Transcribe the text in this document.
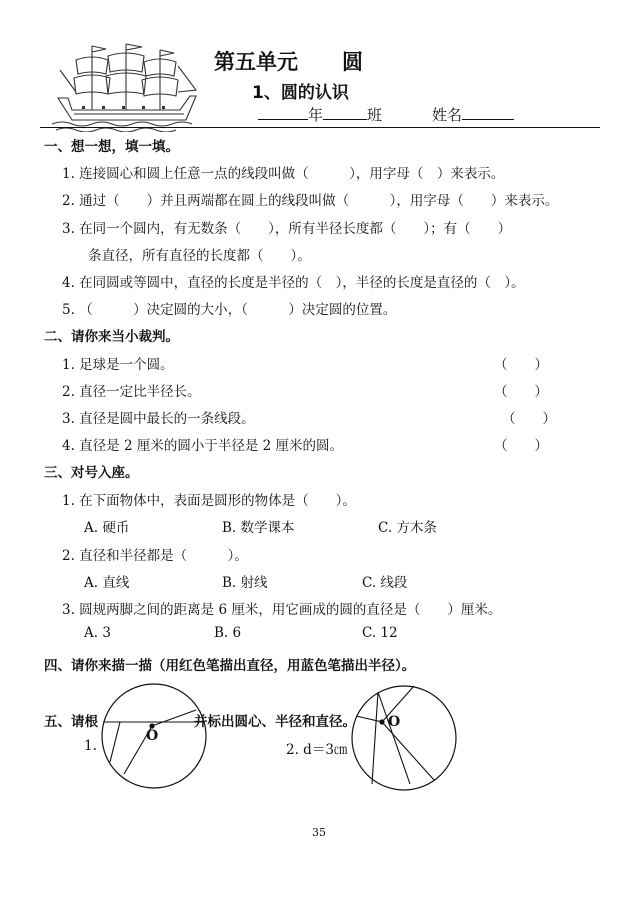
第五单元 圆
1、圆的认识
年	班	姓名
一、想一想，填一填。
1. 连接圆心和圆上任意一点的线段叫做（　　　），用字母（　）来表示。
2. 通过（　　）并且两端都在圆上的线段叫做（　　　），用字母（　　）来表示。
3. 在同一个圆内，有无数条（　　），所有半径长度都（　　）；有（　　）
条直径，所有直径的长度都（　　）。
4. 在同圆或等圆中，直径的长度是半径的（　），半径的长度是直径的（　）。
5. （　　　）决定圆的大小，（　　　）决定圆的位置。
二、请你来当小裁判。
1. 足球是一个圆。	（　　）
2. 直径一定比半径长。	（　　）
3. 直径是圆中最长的一条线段。	（　　）
4. 直径是 2 厘米的圆小于半径是 2 厘米的圆。	（　　）
三、对号入座。
1. 在下面物体中，表面是圆形的物体是（　　）。
A. 硬币	B. 数学课本	C. 方木条
2. 直径和半径都是（　　　）。
A. 直线	B. 射线	C. 线段
3. 圆规两脚之间的距离是 6 厘米，用它画成的圆的直径是（　　）厘米。
A. 3	B. 6	C. 12
四、请你来描一描（用红色笔描出直径，用蓝色笔描出半径）。
五、请根	并标出圆心、半径和直径。
1.	2. d＝3㎝
O
O
35
